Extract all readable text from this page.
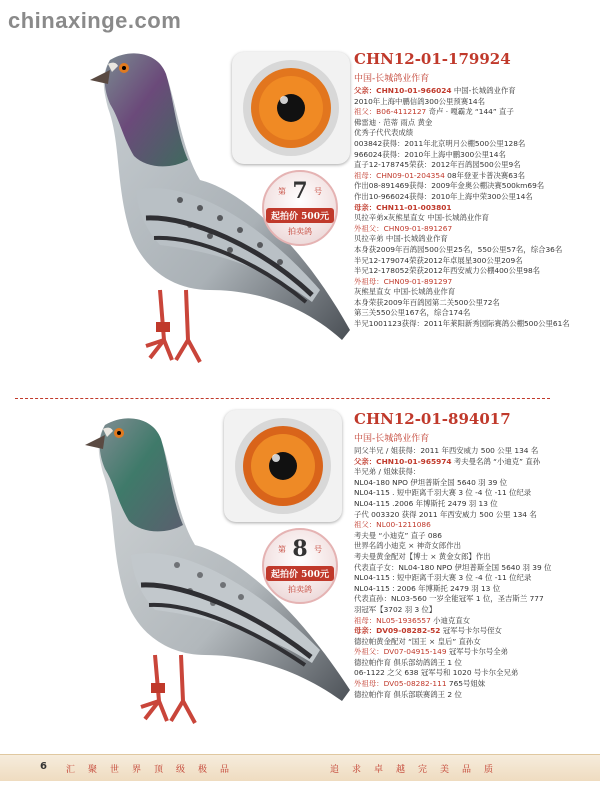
chinaxinge.com
第 7 号
起拍价 500元
拍卖鸽
CHN12-01-179924
中国-长城鸽业作育
父亲：CHN10-01-966024 中国-长城鸽业作育
2010年上海中鹏信鸽300公里预赛14名
祖父：B06-4112127 奇卢 · 嘎霸龙 “144” 直子
佛雷迪 · 范蒂 雨点 黄金
优秀子代代表成绩
003842获得：2011年北京明月公棚500公里128名
966024获得：2010年上海中鹏300公里14名
直子12-178745荣获：2012年百鸽园500公里9名
祖母：CHN09-01-204354 08年登亚卡普决赛63名
作出08-891469获得：2009年金奥公棚决赛500km69名
作出10-966024获得：2010年上海中荣300公里14名
母亲：CHN11-01-003801
贝拉辛弟x灰熊星直女 中国-长城鸽业作育
外祖父：CHN09-01-891267
贝拉辛弟 中国-长城鸽业作育
本身获2009年百鸽园500公里25名，550公里57名，综合36名
半兄12-179074荣获2012年卓展星300公里209名
半兄12-178052荣获2012年西安威力公棚400公里98名
外祖母：CHN09-01-891297
灰熊星直女 中国-长城鸽业作育
本身荣获2009年百鸽园第二关500公里72名
第三关550公里167名，综合174名
半兄1001123获得：2011年莱阳新秀园际赛鸽公棚500公里61名
第 8 号
起拍价 500元
拍卖鸽
CHN12-01-894017
中国-长城鸽业作育
同父半兄 / 姐获得：2011 年西安威力 500 公里 134 名
父亲：CHN10-01-965974 考夫曼名鸽 “小迪克” 直孙
半兄弟 / 姐妹获得：
NL04-180 NPO 伊坦普斯全国 5640 羽 39 位
NL04-115 . 短中距离千羽大赛 3 位 -4 位 -11 位纪录
NL04-115 .2006 年博斯托 2479 羽 13 位
子代 003320 获得 2011 年西安威力 500 公里 134 名
祖父：NL00-1211086
考夫曼 “小迪克” 直子 086
世界名鸽小迪克 × 神奇女郎作出
考夫曼黄金配对【博士 × 黄金女郎】作出
代表直子女：NL04-180 NPO 伊坦普斯全国 5640 羽 39 位
NL04-115 : 短中距离千羽大赛 3 位 -4 位 -11 位纪录
NL04-115 : 2006 年博斯托 2479 羽 13 位
代表直孙：NL03-560 一岁全能冠军 1 位，圣吉斯兰 777
羽冠军【3702 羽 3 位】
祖母：NL05-1936557 小迪克直女
母亲：DV09-08282-52 冠军号卡尔号侄女
德拉帕黄金配对 “国王 × 皇后” 直孙女
外祖父：DV07-04915-149 冠军号卡尔号全弟
德拉帕作育 俱乐部幼鸽鸽王 1 位
06-1122 之父 638 冠军号和 1020 号卡尔全兄弟
外祖母：DV05-08282-111 765号姐妹
德拉帕作育 俱乐部联赛鸽王 2 位
6 汇聚世界顶级极品	追求卓越完美品质
